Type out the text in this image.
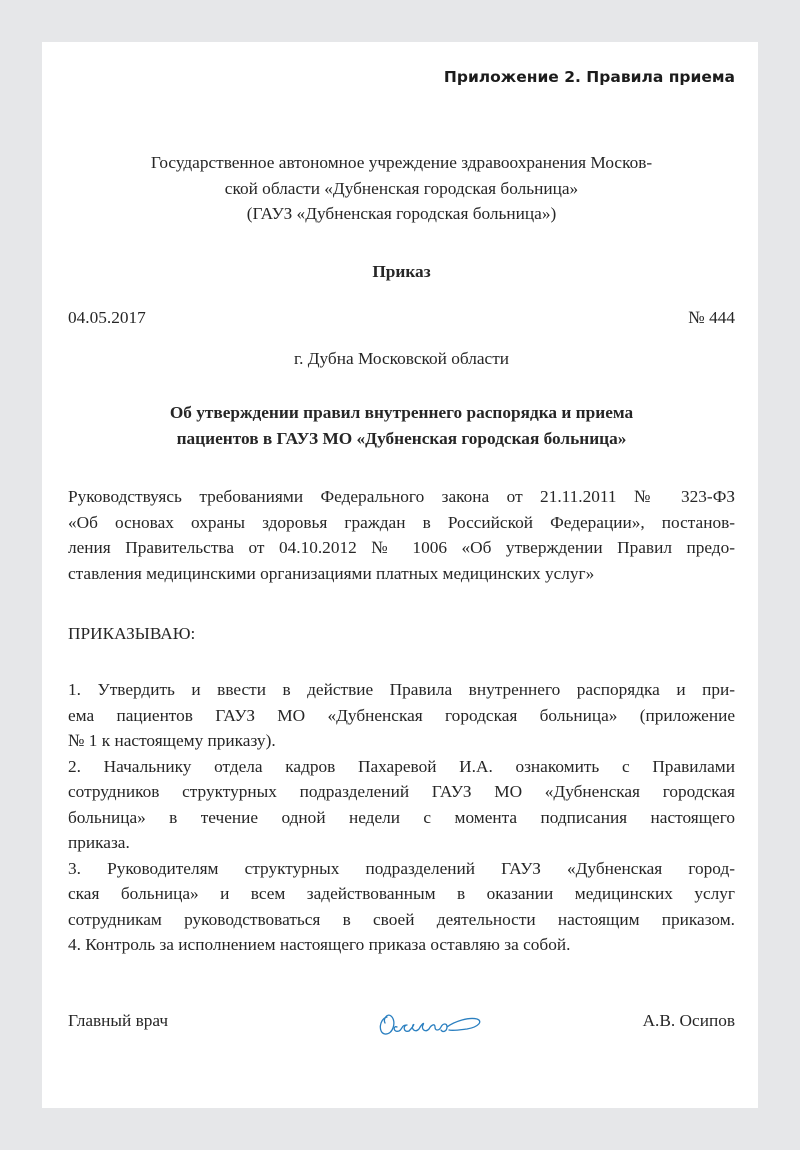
Приложение 2. Правила приема
Государственное автономное учреждение здравоохранения Москов-
ской области «Дубненская городская больница»
(ГАУЗ «Дубненская городская больница»)
Приказ
04.05.2017	№ 444
г. Дубна Московской области
Об утверждении правил внутреннего распорядка и приема
пациентов в ГАУЗ МО «Дубненская городская больница»
Руководствуясь требованиями Федерального закона от 21.11.2011 № 323-ФЗ
«Об основах охраны здоровья граждан в Российской Федерации», постанов-
ления Правительства от 04.10.2012 № 1006 «Об утверждении Правил предо-
ставления медицинскими организациями платных медицинских услуг»
ПРИКАЗЫВАЮ:
1. Утвердить и ввести в действие Правила внутреннего распорядка и при-
ема пациентов ГАУЗ МО «Дубненская городская больница» (приложение
№ 1 к настоящему приказу).
2. Начальнику отдела кадров Пахаревой И.А. ознакомить с Правилами
сотрудников структурных подразделений ГАУЗ МО «Дубненская городская
больница» в течение одной недели с момента подписания настоящего
приказа.
3. Руководителям структурных подразделений ГАУЗ «Дубненская город-
ская больница» и всем задействованным в оказании медицинских услуг
сотрудникам руководствоваться в своей деятельности настоящим приказом.
4. Контроль за исполнением настоящего приказа оставляю за собой.
Главный врач	А.В. Осипов
